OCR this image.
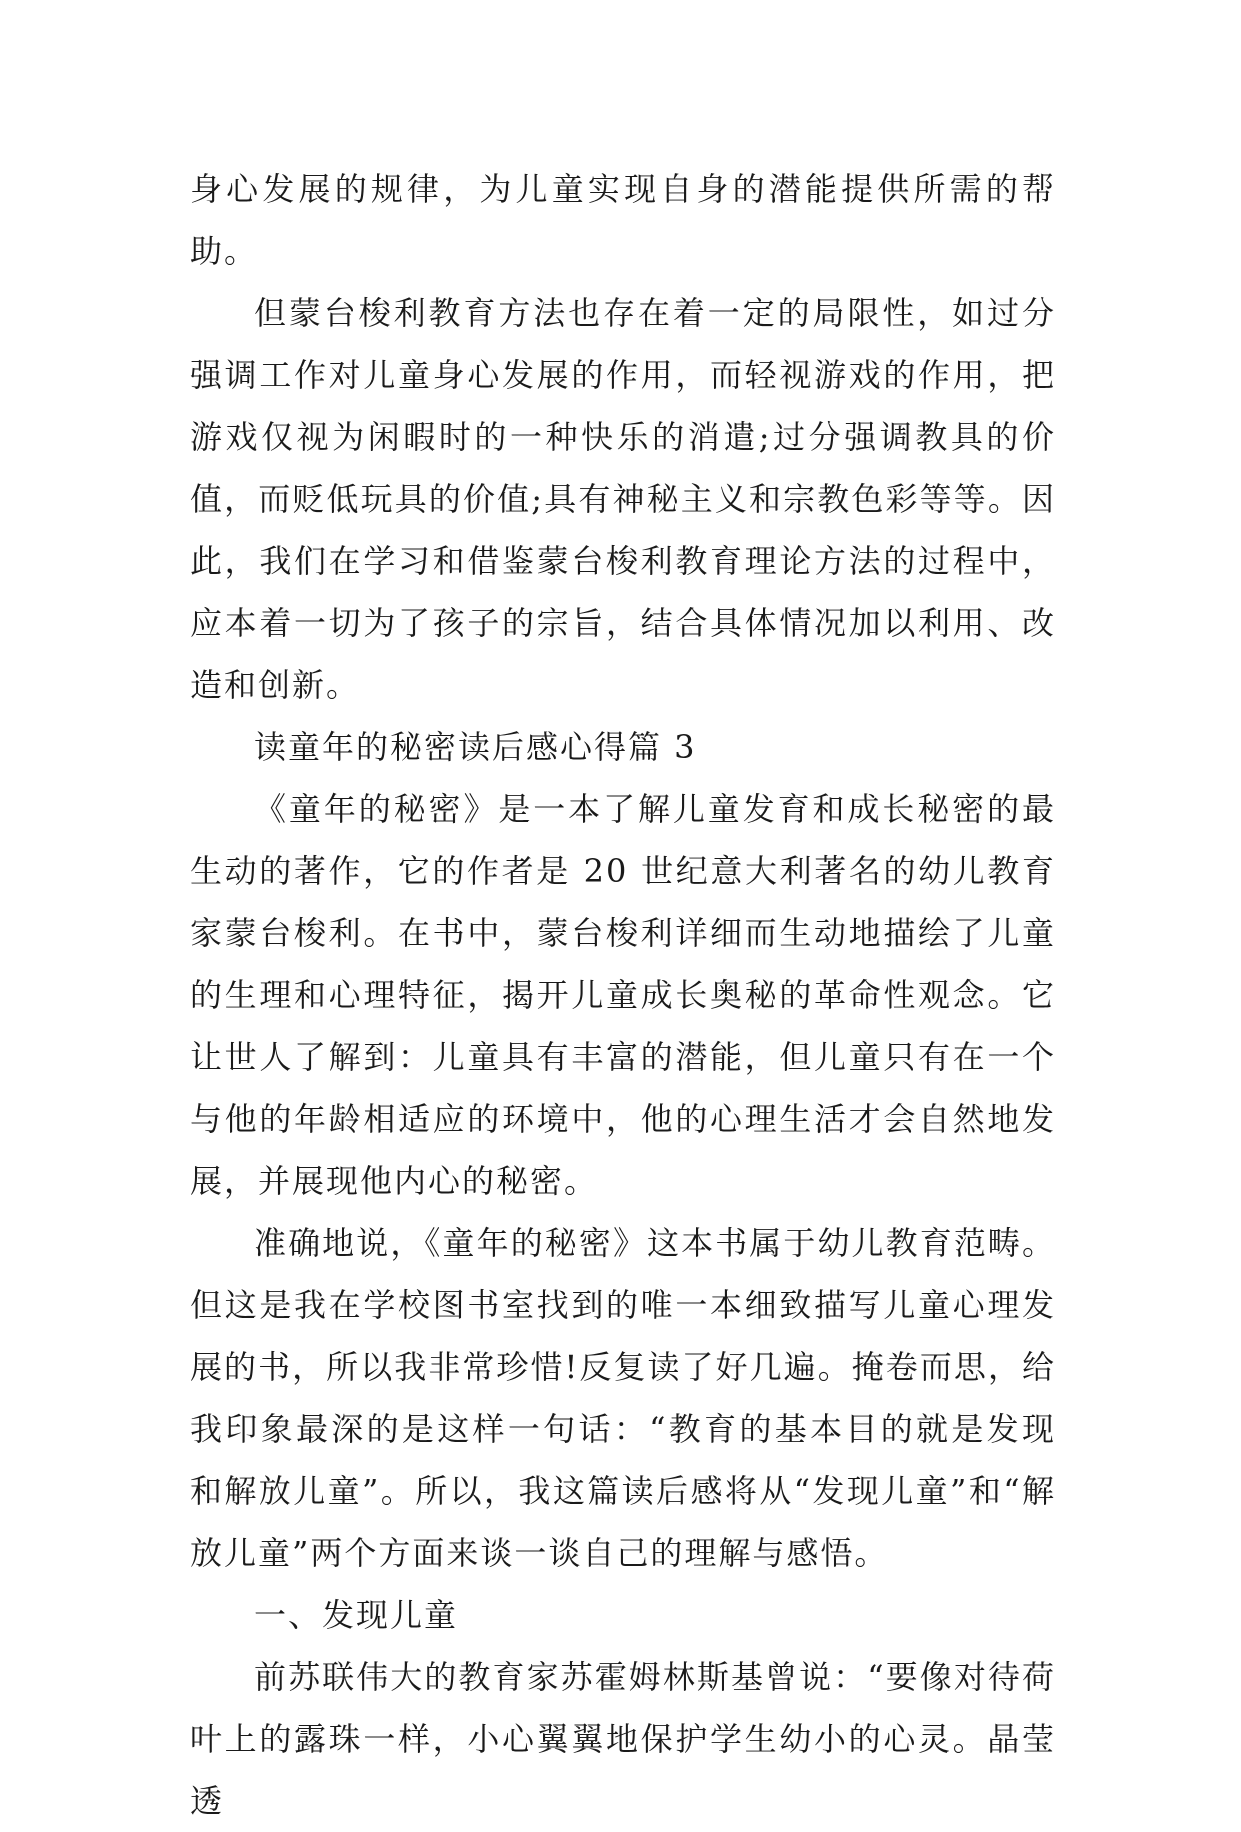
身心发展的规律，为儿童实现自身的潜能提供所需的帮助。

但蒙台梭利教育方法也存在着一定的局限性，如过分强调工作对儿童身心发展的作用，而轻视游戏的作用，把游戏仅视为闲暇时的一种快乐的消遣;过分强调教具的价值，而贬低玩具的价值;具有神秘主义和宗教色彩等等。因此，我们在学习和借鉴蒙台梭利教育理论方法的过程中，应本着一切为了孩子的宗旨，结合具体情况加以利用、改造和创新。

读童年的秘密读后感心得篇 3

《童年的秘密》是一本了解儿童发育和成长秘密的最生动的著作，它的作者是 20 世纪意大利著名的幼儿教育家蒙台梭利。在书中，蒙台梭利详细而生动地描绘了儿童的生理和心理特征，揭开儿童成长奥秘的革命性观念。它让世人了解到：儿童具有丰富的潜能，但儿童只有在一个与他的年龄相适应的环境中，他的心理生活才会自然地发展，并展现他内心的秘密。

准确地说，《童年的秘密》这本书属于幼儿教育范畴。但这是我在学校图书室找到的唯一本细致描写儿童心理发展的书，所以我非常珍惜!反复读了好几遍。掩卷而思，给我印象最深的是这样一句话：“教育的基本目的就是发现和解放儿童”。所以，我这篇读后感将从“发现儿童”和“解放儿童”两个方面来谈一谈自己的理解与感悟。

一、发现儿童

前苏联伟大的教育家苏霍姆林斯基曾说：“要像对待荷叶上的露珠一样，小心翼翼地保护学生幼小的心灵。晶莹透
